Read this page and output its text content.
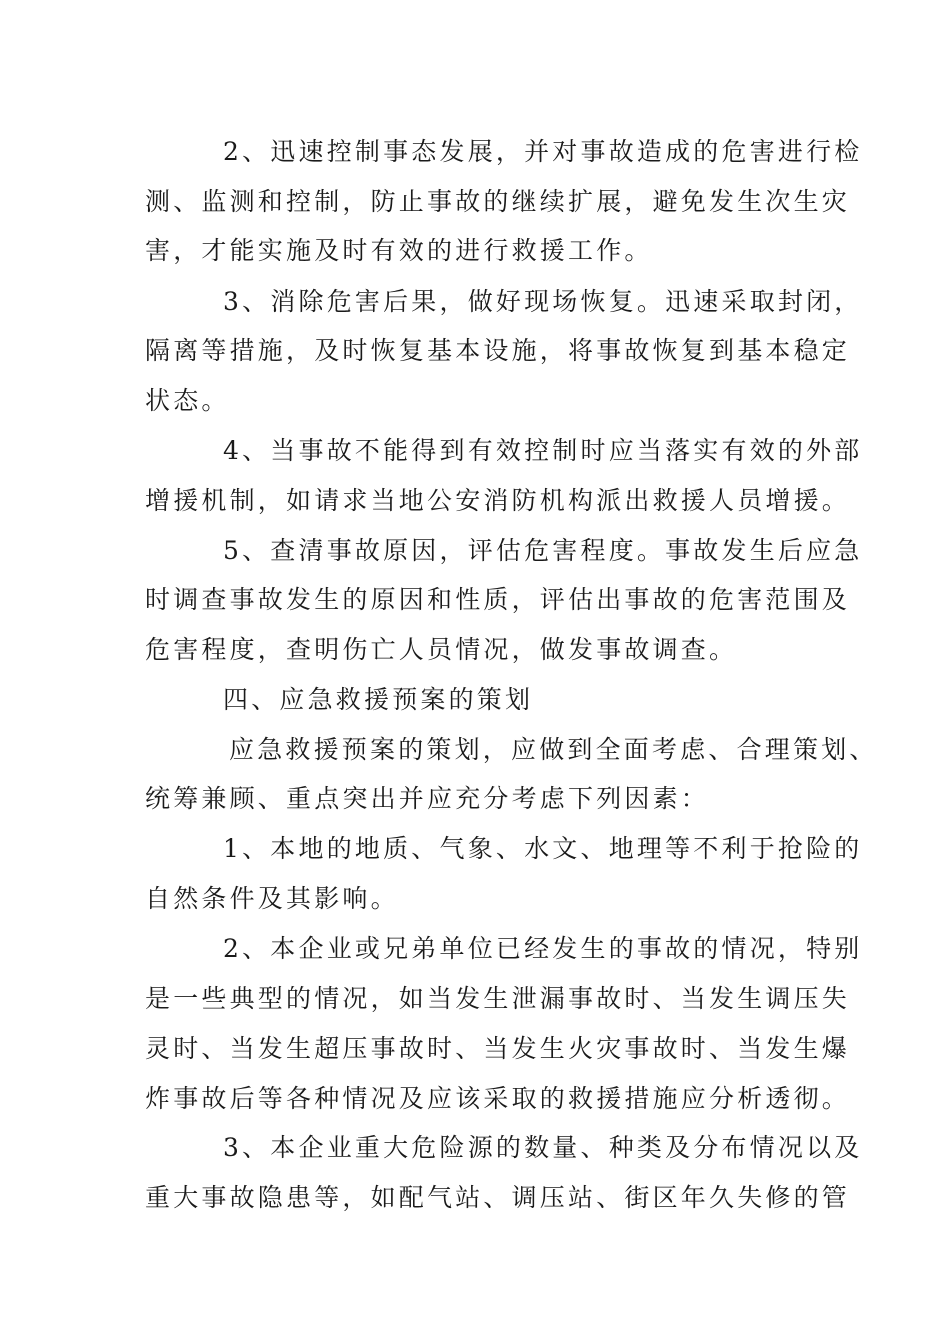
2、迅速控制事态发展，并对事故造成的危害进行检
测、监测和控制，防止事故的继续扩展，避免发生次生灾
害，才能实施及时有效的进行救援工作。
3、消除危害后果，做好现场恢复。迅速采取封闭，
隔离等措施，及时恢复基本设施，将事故恢复到基本稳定
状态。
4、当事故不能得到有效控制时应当落实有效的外部
增援机制，如请求当地公安消防机构派出救援人员增援。
5、查清事故原因，评估危害程度。事故发生后应急
时调查事故发生的原因和性质，评估出事故的危害范围及
危害程度，查明伤亡人员情况，做发事故调查。
四、应急救援预案的策划
应急救援预案的策划，应做到全面考虑、合理策划、
统筹兼顾、重点突出并应充分考虑下列因素：
1、本地的地质、气象、水文、地理等不利于抢险的
自然条件及其影响。
2、本企业或兄弟单位已经发生的事故的情况，特别
是一些典型的情况，如当发生泄漏事故时、当发生调压失
灵时、当发生超压事故时、当发生火灾事故时、当发生爆
炸事故后等各种情况及应该采取的救援措施应分析透彻。
3、本企业重大危险源的数量、种类及分布情况以及
重大事故隐患等，如配气站、调压站、街区年久失修的管
